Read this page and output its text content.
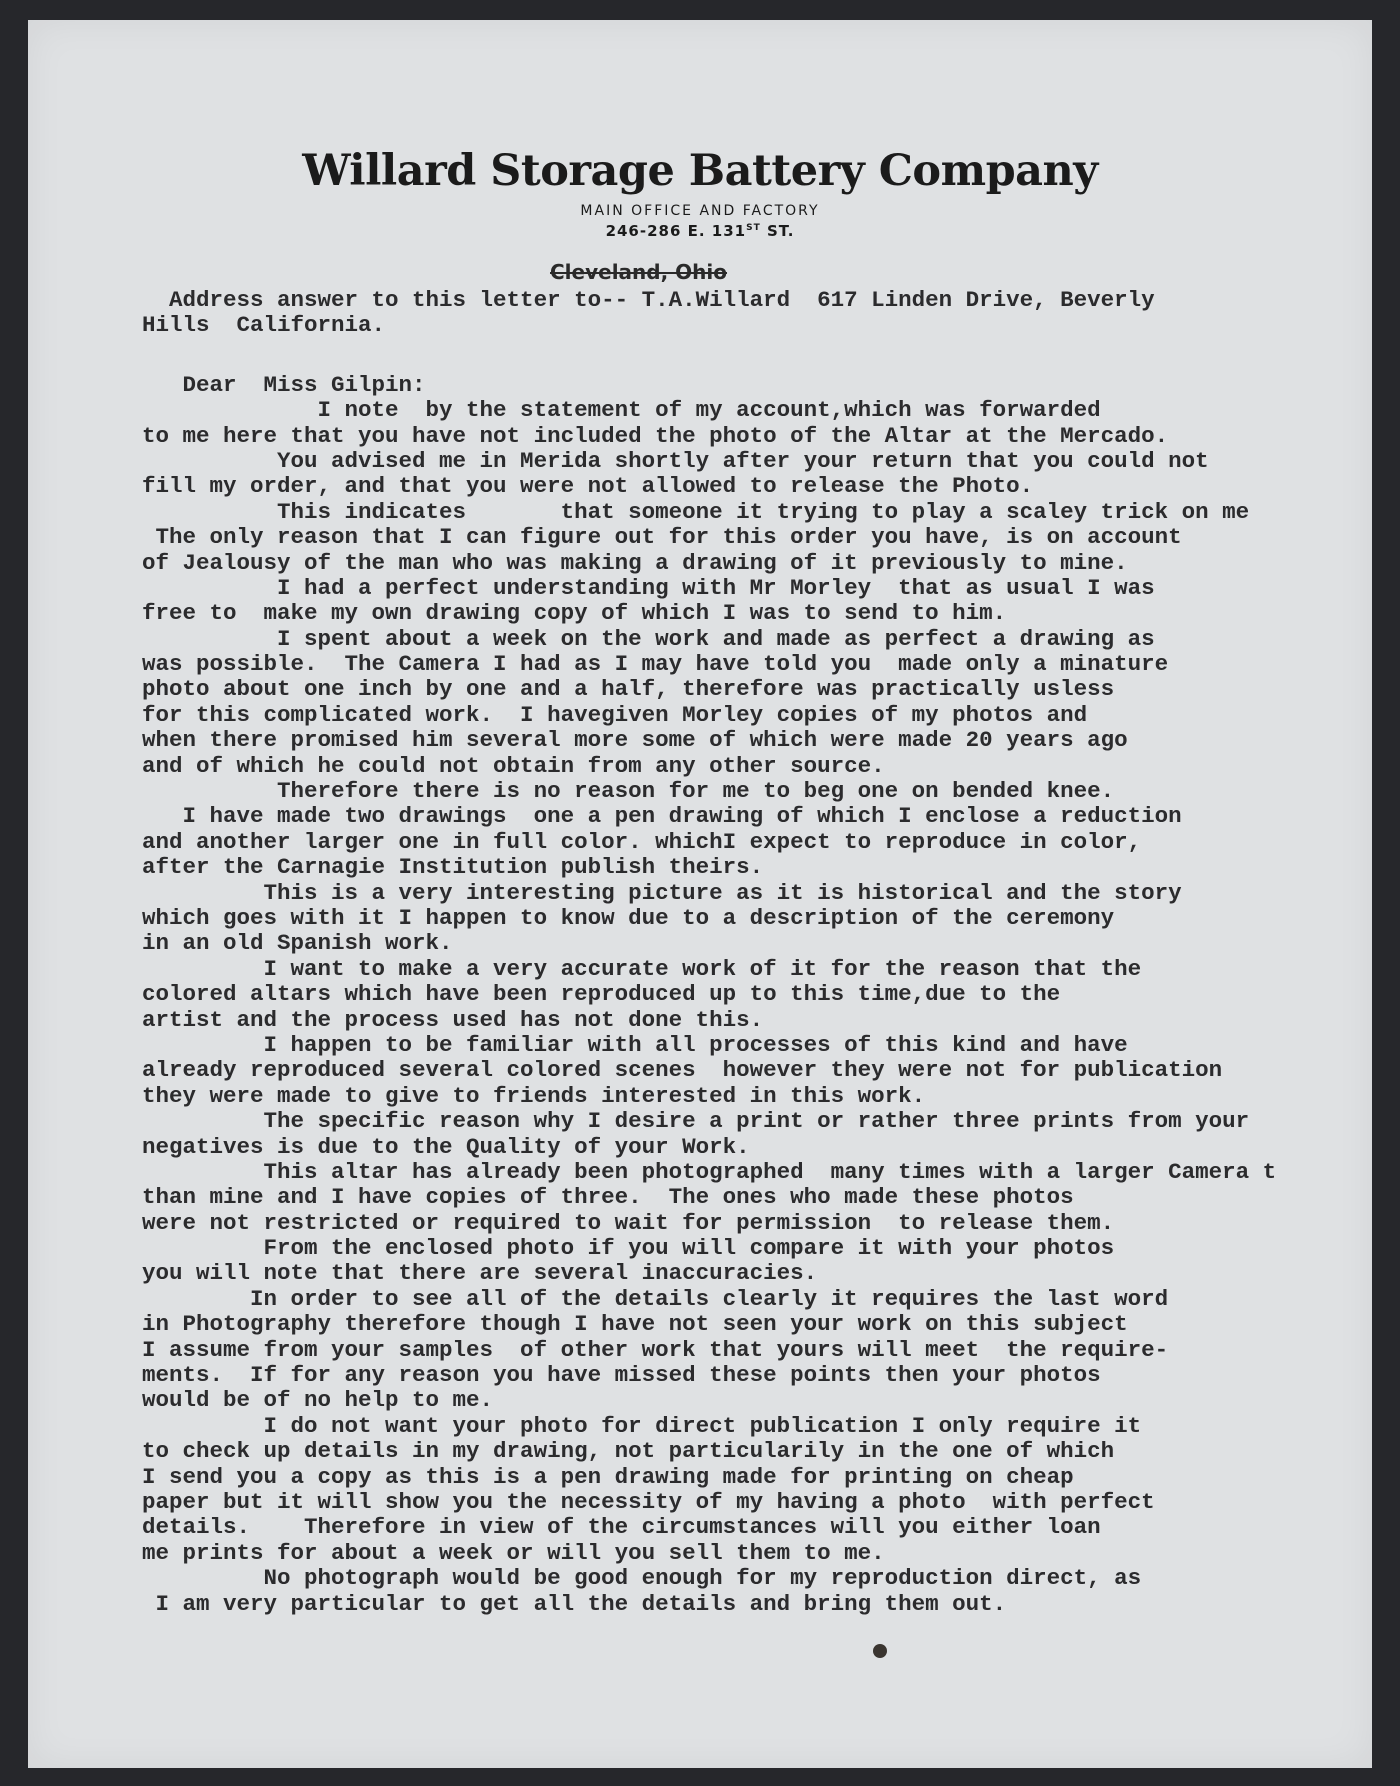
Willard Storage Battery Company
MAIN OFFICE AND FACTORY
246-286 E. 131ST ST.
Cleveland, Ohio
Address answer to this letter to-- T.A.Willard  617 Linden Drive, Beverly
Hills  California.
Dear  Miss Gilpin:
I note  by the statement of my account,which was forwarded
to me here that you have not included the photo of the Altar at the Mercado.
You advised me in Merida shortly after your return that you could not
fill my order, and that you were not allowed to release the Photo.
This indicates       that someone it trying to play a scaley trick on me
The only reason that I can figure out for this order you have, is on account
of Jealousy of the man who was making a drawing of it previously to mine.
I had a perfect understanding with Mr Morley  that as usual I was
free to  make my own drawing copy of which I was to send to him.
I spent about a week on the work and made as perfect a drawing as
was possible.  The Camera I had as I may have told you  made only a minature
photo about one inch by one and a half, therefore was practically usless
for this complicated work.  I havegiven Morley copies of my photos and
when there promised him several more some of which were made 20 years ago
and of which he could not obtain from any other source.
Therefore there is no reason for me to beg one on bended knee.
I have made two drawings  one a pen drawing of which I enclose a reduction
and another larger one in full color. whichI expect to reproduce in color,
after the Carnagie Institution publish theirs.
This is a very interesting picture as it is historical and the story
which goes with it I happen to know due to a description of the ceremony
in an old Spanish work.
I want to make a very accurate work of it for the reason that the
colored altars which have been reproduced up to this time,due to the
artist and the process used has not done this.
I happen to be familiar with all processes of this kind and have
already reproduced several colored scenes  however they were not for publication
they were made to give to friends interested in this work.
The specific reason why I desire a print or rather three prints from your
negatives is due to the Quality of your Work.
This altar has already been photographed  many times with a larger Camera t
than mine and I have copies of three.  The ones who made these photos
were not restricted or required to wait for permission  to release them.
From the enclosed photo if you will compare it with your photos
you will note that there are several inaccuracies.
In order to see all of the details clearly it requires the last word
in Photography therefore though I have not seen your work on this subject
I assume from your samples  of other work that yours will meet  the require-
ments.  If for any reason you have missed these points then your photos
would be of no help to me.
I do not want your photo for direct publication I only require it
to check up details in my drawing, not particularily in the one of which
I send you a copy as this is a pen drawing made for printing on cheap
paper but it will show you the necessity of my having a photo  with perfect
details.    Therefore in view of the circumstances will you either loan
me prints for about a week or will you sell them to me.
No photograph would be good enough for my reproduction direct, as
I am very particular to get all the details and bring them out.
